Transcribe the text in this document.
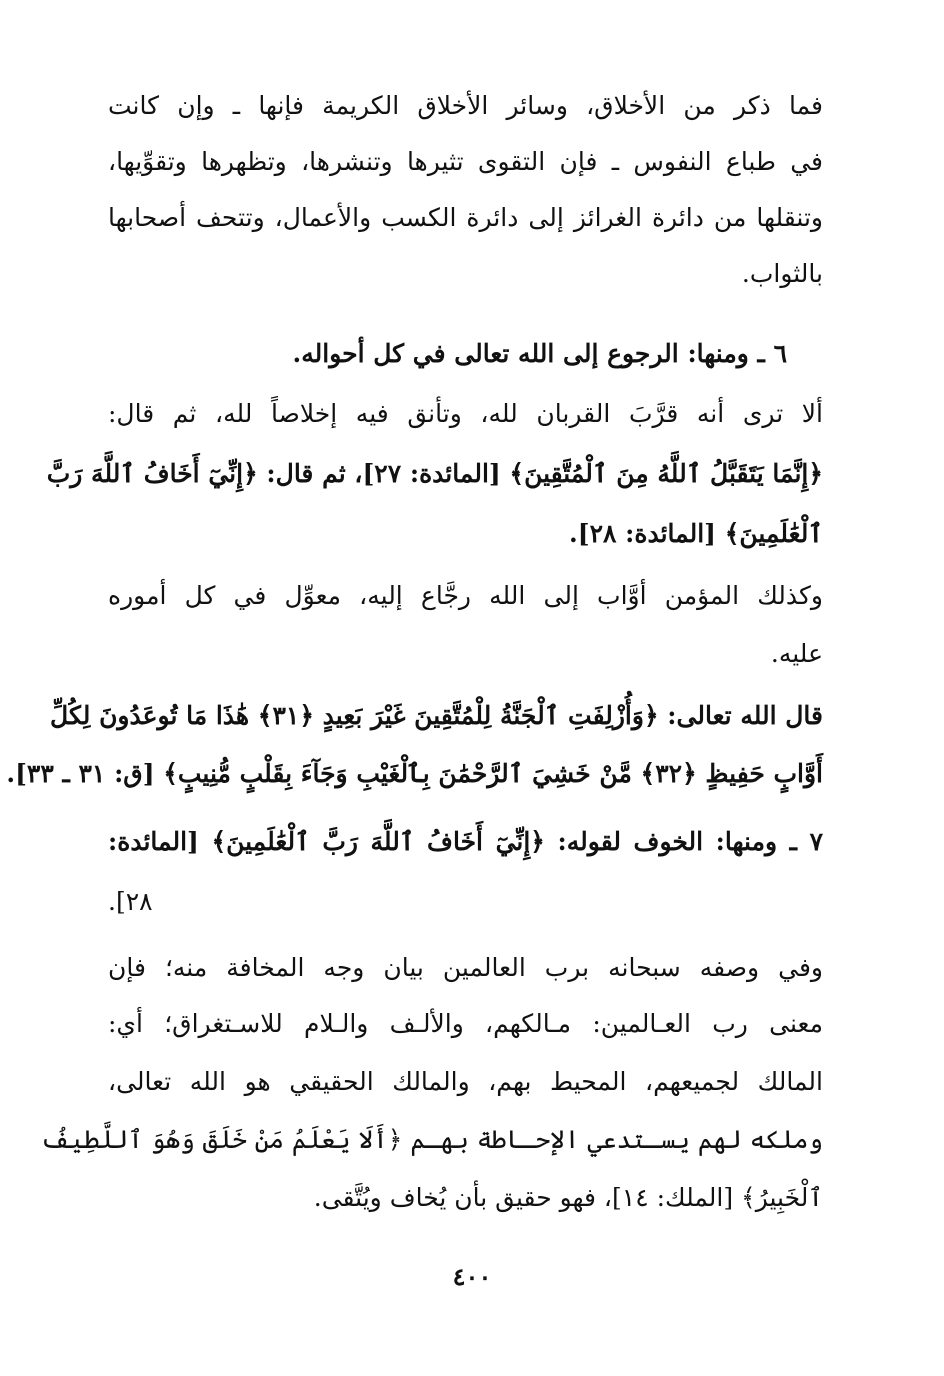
فما ذكر من الأخلاق، وسائر الأخلاق الكريمة فإنها ـ وإن كانت
في طباع النفوس ـ فإن التقوى تثيرها وتنشرها، وتظهرها وتقوِّيها،
وتنقلها من دائرة الغرائز إلى دائرة الكسب والأعمال، وتتحف أصحابها
بالثواب.
٦ ـ ومنها: الرجوع إلى الله تعالى في كل أحواله.
ألا ترى أنه قرَّبَ القربان لله، وتأنق فيه إخلاصاً لله، ثم قال:
﴿إِنَّمَا يَتَقَبَّلُ ٱللَّهُ مِنَ ٱلْمُتَّقِينَ﴾ [المائدة: ٢٧]، ثم قال: ﴿إِنِّيٓ أَخَافُ ٱللَّهَ رَبَّ
ٱلْعَٰلَمِينَ﴾ [المائدة: ٢٨].
وكذلك المؤمن أوَّاب إلى الله رجَّاع إليه، معوِّل في كل أموره
عليه.
قال الله تعالى: ﴿وَأُزْلِفَتِ ٱلْجَنَّةُ لِلْمُتَّقِينَ غَيْرَ بَعِيدٍ ﴿٣١﴾ هَٰذَا مَا تُوعَدُونَ لِكُلِّ
أَوَّابٍ حَفِيظٍ ﴿٣٢﴾ مَّنْ خَشِيَ ٱلرَّحْمَٰنَ بِٱلْغَيْبِ وَجَآءَ بِقَلْبٍ مُّنِيبٍ﴾ [ق: ٣١ ـ ٣٣].
٧ ـ ومنها: الخوف لقوله: ﴿إِنِّيٓ أَخَافُ ٱللَّهَ رَبَّ ٱلْعَٰلَمِينَ﴾ [المائدة:
٢٨].
وفي وصفه سبحانه برب العالمين بيان وجه المخافة منه؛ فإن
معنى رب العـالمين: مـالكهم، والألـف والـلام للاسـتغراق؛ أي:
المالك لجميعهم، المحيط بهم، والمالك الحقيقي هو الله تعالى،
وملكه لهم يسـتدعي الإحـاطة بهـم ﴿أَلَا يَعْلَمُ مَنْ خَلَقَ وَهُوَ ٱللَّطِيفُ
ٱلْخَبِيرُ﴾ [الملك: ١٤]، فهو حقيق بأن يُخاف ويُتَّقى.
٤٠٠
